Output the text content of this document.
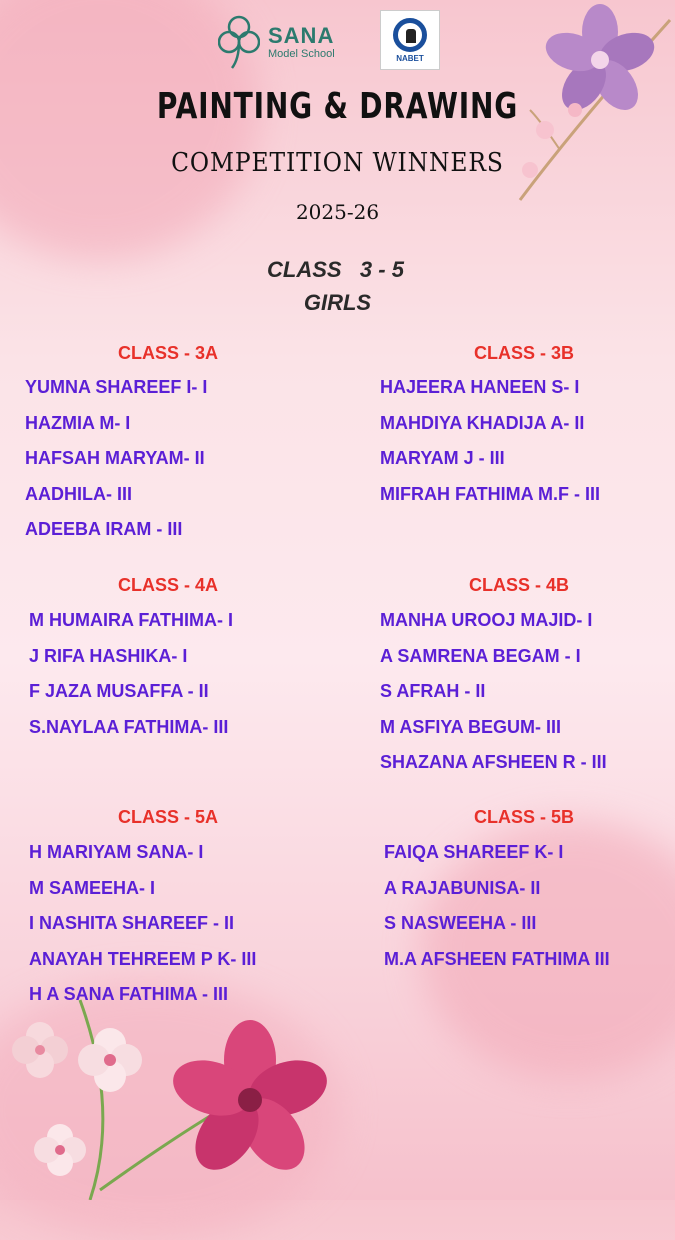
SANA
Model School	NABET
PAINTING & DRAWING
COMPETITION WINNERS
2025-26
CLASS   3 - 5
GIRLS
CLASS - 3A
YUMNA SHAREEF I- I
HAZMIA M- I
HAFSAH MARYAM- II
AADHILA- III
ADEEBA IRAM - III
CLASS - 3B
HAJEERA HANEEN S- I
MAHDIYA KHADIJA A- II
MARYAM J - III
MIFRAH FATHIMA M.F - III
CLASS - 4A
M HUMAIRA FATHIMA- I
J RIFA HASHIKA- I
F JAZA MUSAFFA - II
S.NAYLAA FATHIMA- III
CLASS - 4B
MANHA UROOJ MAJID- I
A SAMRENA BEGAM - I
S AFRAH - II
M ASFIYA BEGUM- III
SHAZANA AFSHEEN R - III
CLASS - 5A
H MARIYAM SANA- I
M SAMEEHA- I
I NASHITA SHAREEF - II
ANAYAH TEHREEM P K- III
H A SANA FATHIMA - III
CLASS - 5B
FAIQA SHAREEF K- I
A RAJABUNISA- II
S NASWEEHA - III
M.A AFSHEEN FATHIMA III
